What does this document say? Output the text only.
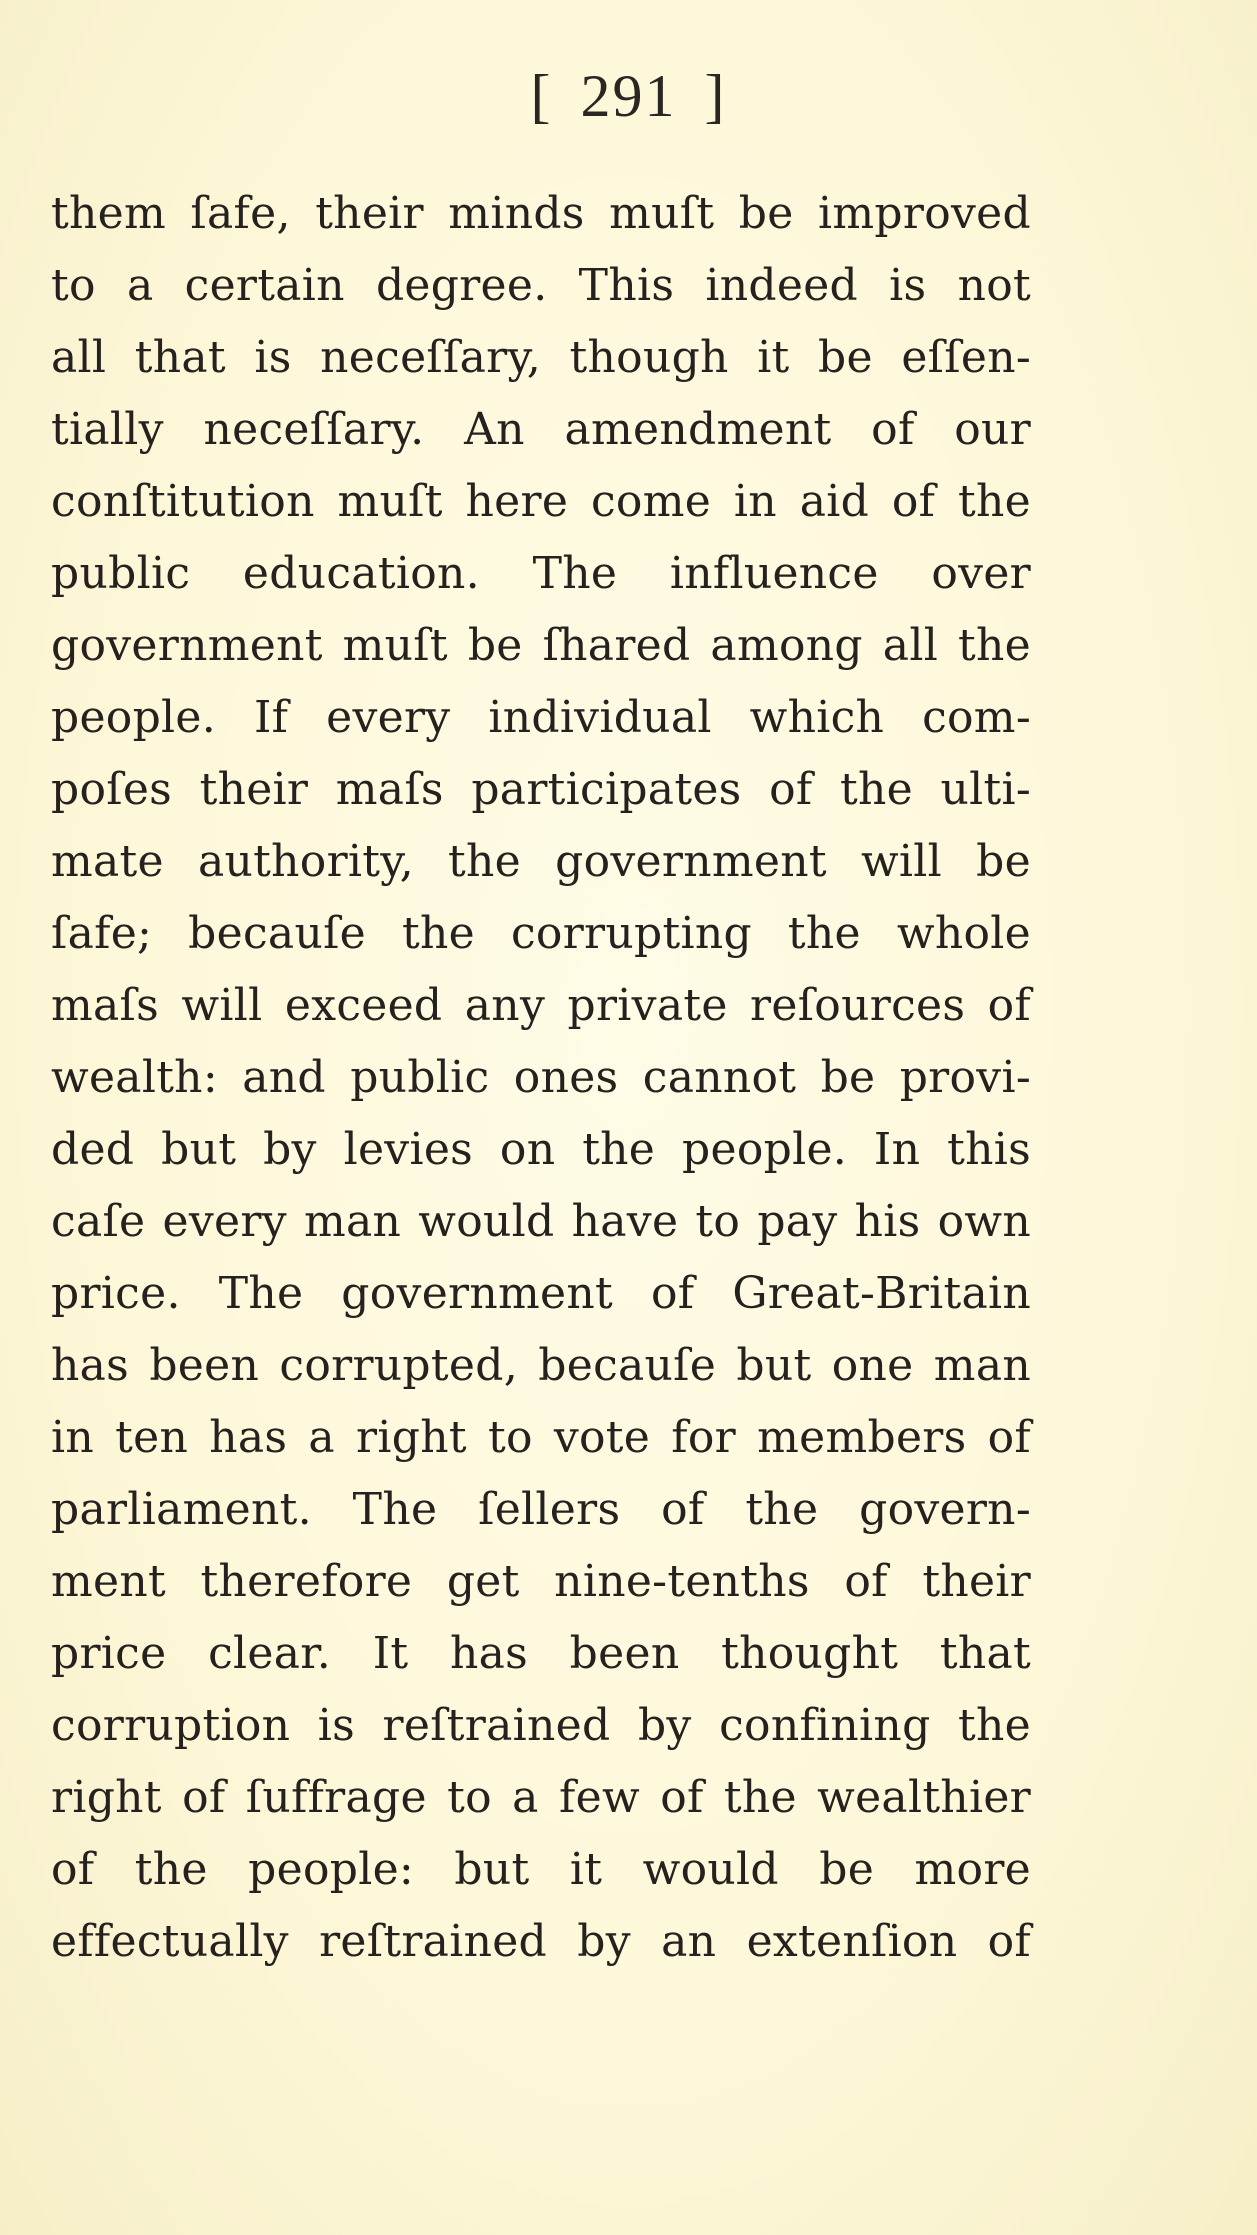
[ 291 ]
them ſafe, their minds muſt be improved
to a certain degree. This indeed is not
all that is neceſſary, though it be eſſen-
tially neceſſary. An amendment of our
conſtitution muſt here come in aid of the
public education. The influence over
government muſt be ſhared among all the
people. If every individual which com-
poſes their maſs participates of the ulti-
mate authority, the government will be
ſafe; becauſe the corrupting the whole
maſs will exceed any private reſources of
wealth: and public ones cannot be provi-
ded but by levies on the people. In this
caſe every man would have to pay his own
price. The government of Great-Britain
has been corrupted, becauſe but one man
in ten has a right to vote for members of
parliament. The ſellers of the govern-
ment therefore get nine-tenths of their
price clear. It has been thought that
corruption is reſtrained by confining the
right of ſuffrage to a few of the wealthier
of the people: but it would be more
effectually reſtrained by an extenſion of
